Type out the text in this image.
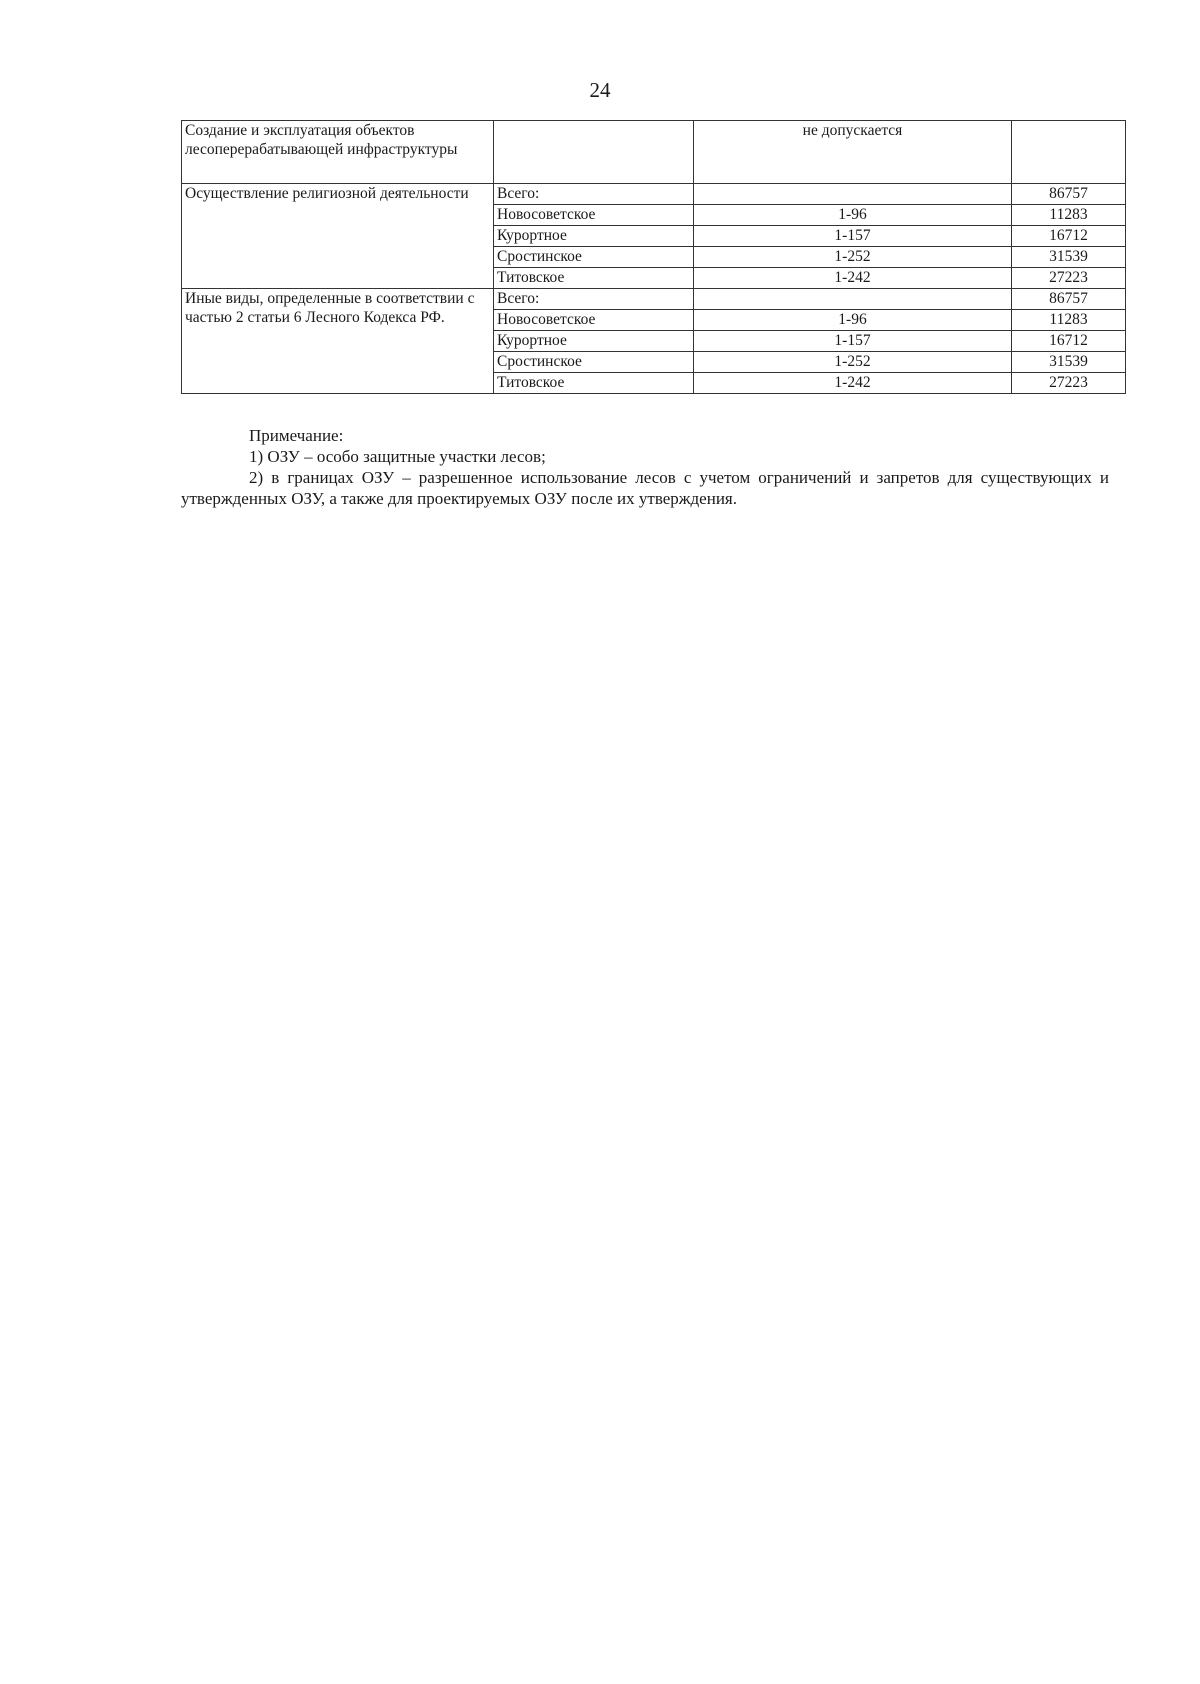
24
Создание и эксплуатация объектов лесоперерабатывающей инфраструктуры		не допускается	
Осуществление религиозной деятельности	Всего:		86757
	Новосоветское	1-96	11283
	Курортное	1-157	16712
	Сростинское	1-252	31539
	Титовское	1-242	27223
Иные виды, определенные в соответствии с частью 2 статьи 6 Лесного Кодекса РФ.	Всего:		86757
	Новосоветское	1-96	11283
	Курортное	1-157	16712
	Сростинское	1-252	31539
	Титовское	1-242	27223

Примечание:

1) ОЗУ – особо защитные участки лесов;

2) в границах ОЗУ – разрешенное использование лесов с учетом ограничений и запретов для существующих и утвержденных ОЗУ, а также для проектируемых ОЗУ после их утверждения.
